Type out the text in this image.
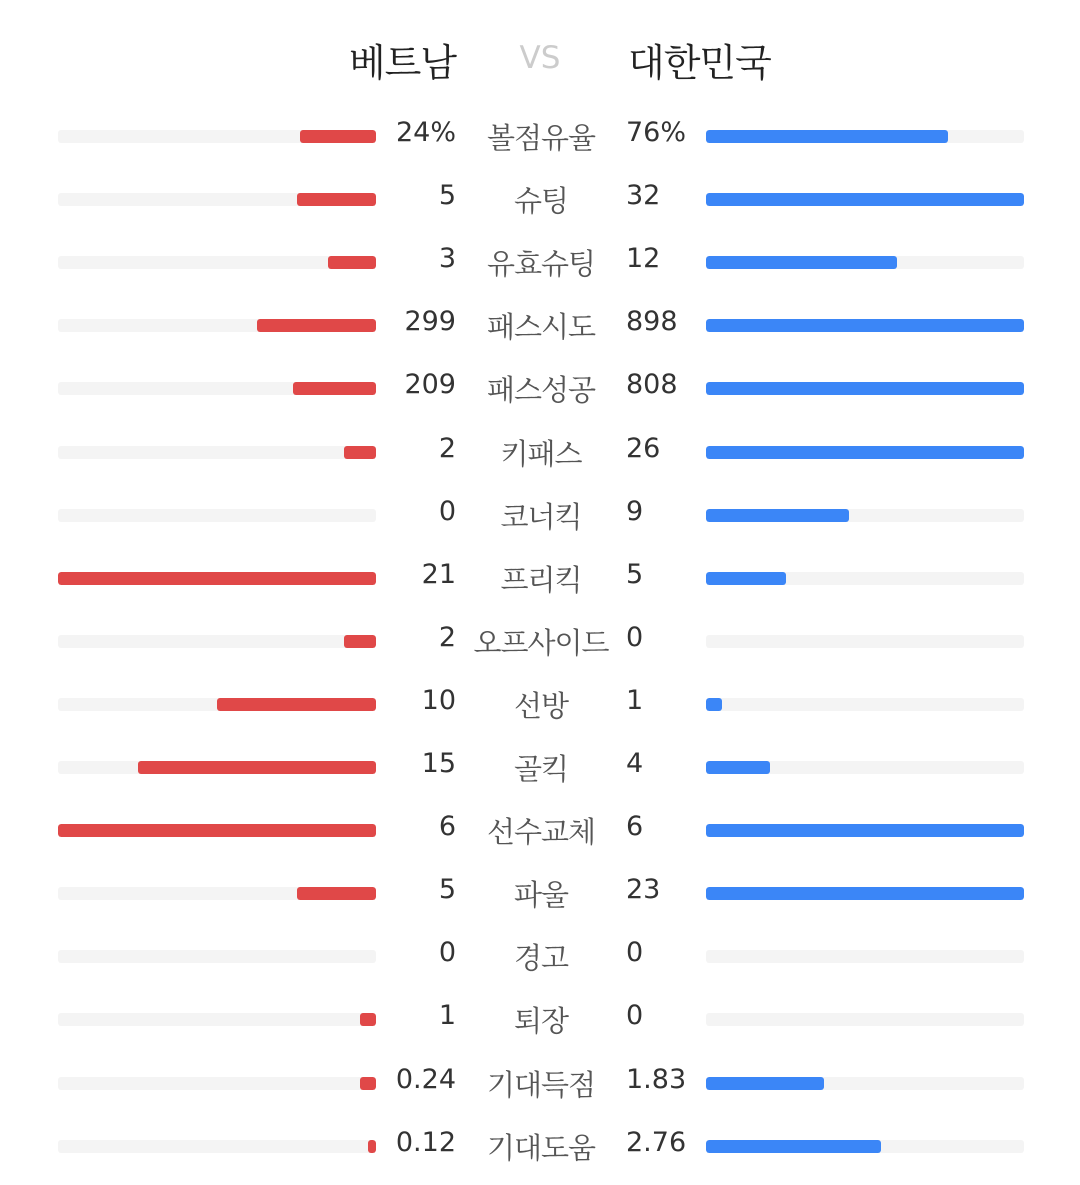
베트남	VS	대한민국
24%	볼점유율	76%
5	슈팅	32
3	유효슈팅	12
299	패스시도	898
209	패스성공	808
2	키패스	26
0	코너킥	9
21	프리킥	5
2 오프사이드 0
10	선방	1
15	골킥	4
6	선수교체	6
5	파울	23
0	경고	0
1	퇴장	0
0.24	기대득점	1.83
0.12	기대도움	2.76
